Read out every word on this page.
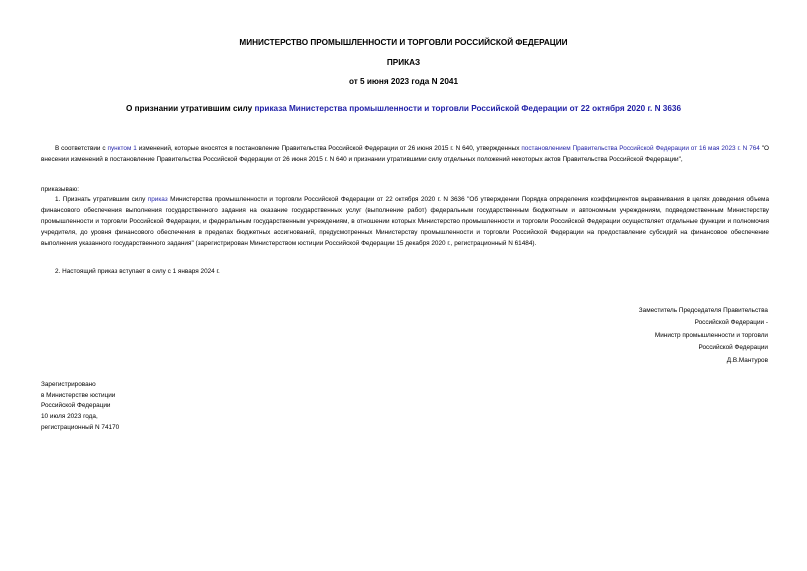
МИНИСТЕРСТВО ПРОМЫШЛЕННОСТИ И ТОРГОВЛИ РОССИЙСКОЙ ФЕДЕРАЦИИ
ПРИКАЗ
от 5 июня 2023 года N 2041
О признании утратившим силу приказа Министерства промышленности и торговли Российской Федерации от 22 октября 2020 г. N 3636
В соответствии с пунктом 1 изменений, которые вносятся в постановление Правительства Российской Федерации от 26 июня 2015 г. N 640, утвержденных постановлением Правительства Российской Федерации от 16 мая 2023 г. N 764 "О внесении изменений в постановление Правительства Российской Федерации от 26 июня 2015 г. N 640 и признании утратившими силу отдельных положений некоторых актов Правительства Российской Федерации",
приказываю:
1. Признать утратившим силу приказ Министерства промышленности и торговли Российской Федерации от 22 октября 2020 г. N 3636 "Об утверждении Порядка определения коэффициентов выравнивания в целях доведения объема финансового обеспечения выполнения государственного задания на оказание государственных услуг (выполнение работ) федеральным государственным бюджетным и автономным учреждениям, подведомственным Министерству промышленности и торговли Российской Федерации, и федеральным государственным учреждениям, в отношении которых Министерство промышленности и торговли Российской Федерации осуществляет отдельные функции и полномочия учредителя, до уровня финансового обеспечения в пределах бюджетных ассигнований, предусмотренных Министерству промышленности и торговли Российской Федерации на предоставление субсидий на финансовое обеспечение выполнения указанного государственного задания" (зарегистрирован Министерством юстиции Российской Федерации 15 декабря 2020 г., регистрационный N 61484).
2. Настоящий приказ вступает в силу с 1 января 2024 г.
Заместитель Председателя Правительства
Российской Федерации -
Министр промышленности и торговли
Российской Федерации
Д.В.Мантуров
Зарегистрировано
в Министерстве юстиции
Российской Федерации
10 июля 2023 года,
регистрационный N 74170
